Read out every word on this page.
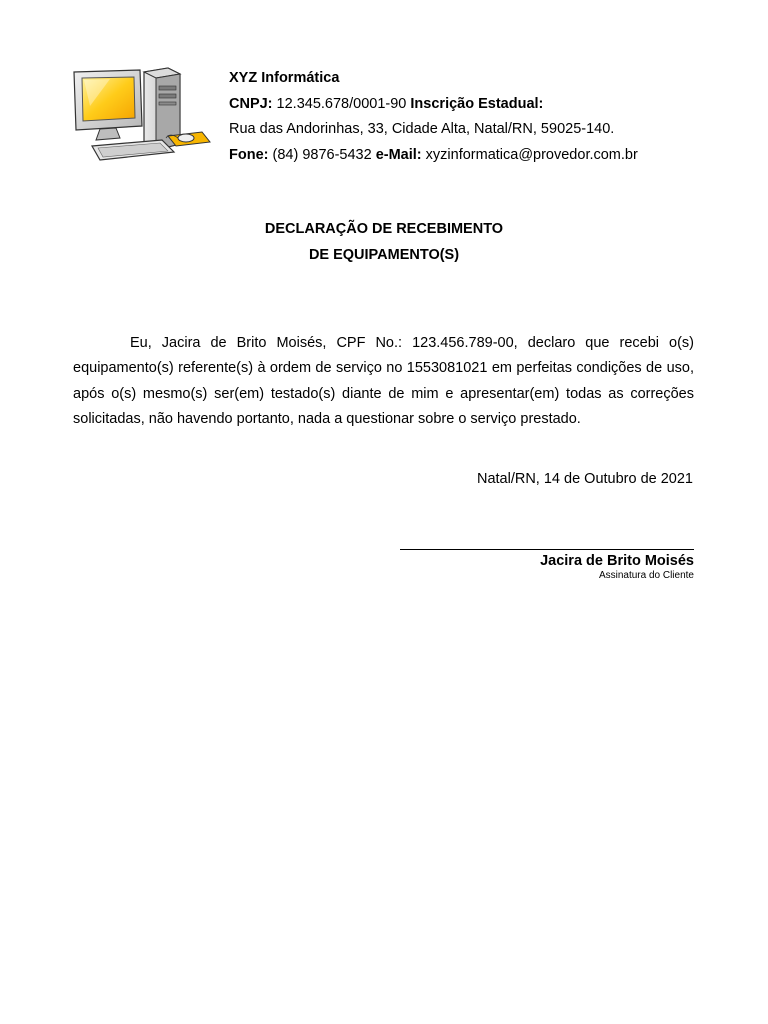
XYZ Informática
CNPJ: 12.345.678/0001-90 Inscrição Estadual:
Rua das Andorinhas, 33, Cidade Alta, Natal/RN, 59025-140.
Fone: (84) 9876-5432 e-Mail: xyzinformatica@provedor.com.br
DECLARAÇÃO DE RECEBIMENTO
DE EQUIPAMENTO(S)

Eu, Jacira de Brito Moisés, CPF No.: 123.456.789-00, declaro que recebi o(s) equipamento(s) referente(s) à ordem de serviço no 1553081021 em perfeitas condições de uso, após o(s) mesmo(s) ser(em) testado(s) diante de mim e apresentar(em) todas as correções solicitadas, não havendo portanto, nada a questionar sobre o serviço prestado.

Natal/RN, 14 de Outubro de 2021
Jacira de Brito Moisés
Assinatura do Cliente
